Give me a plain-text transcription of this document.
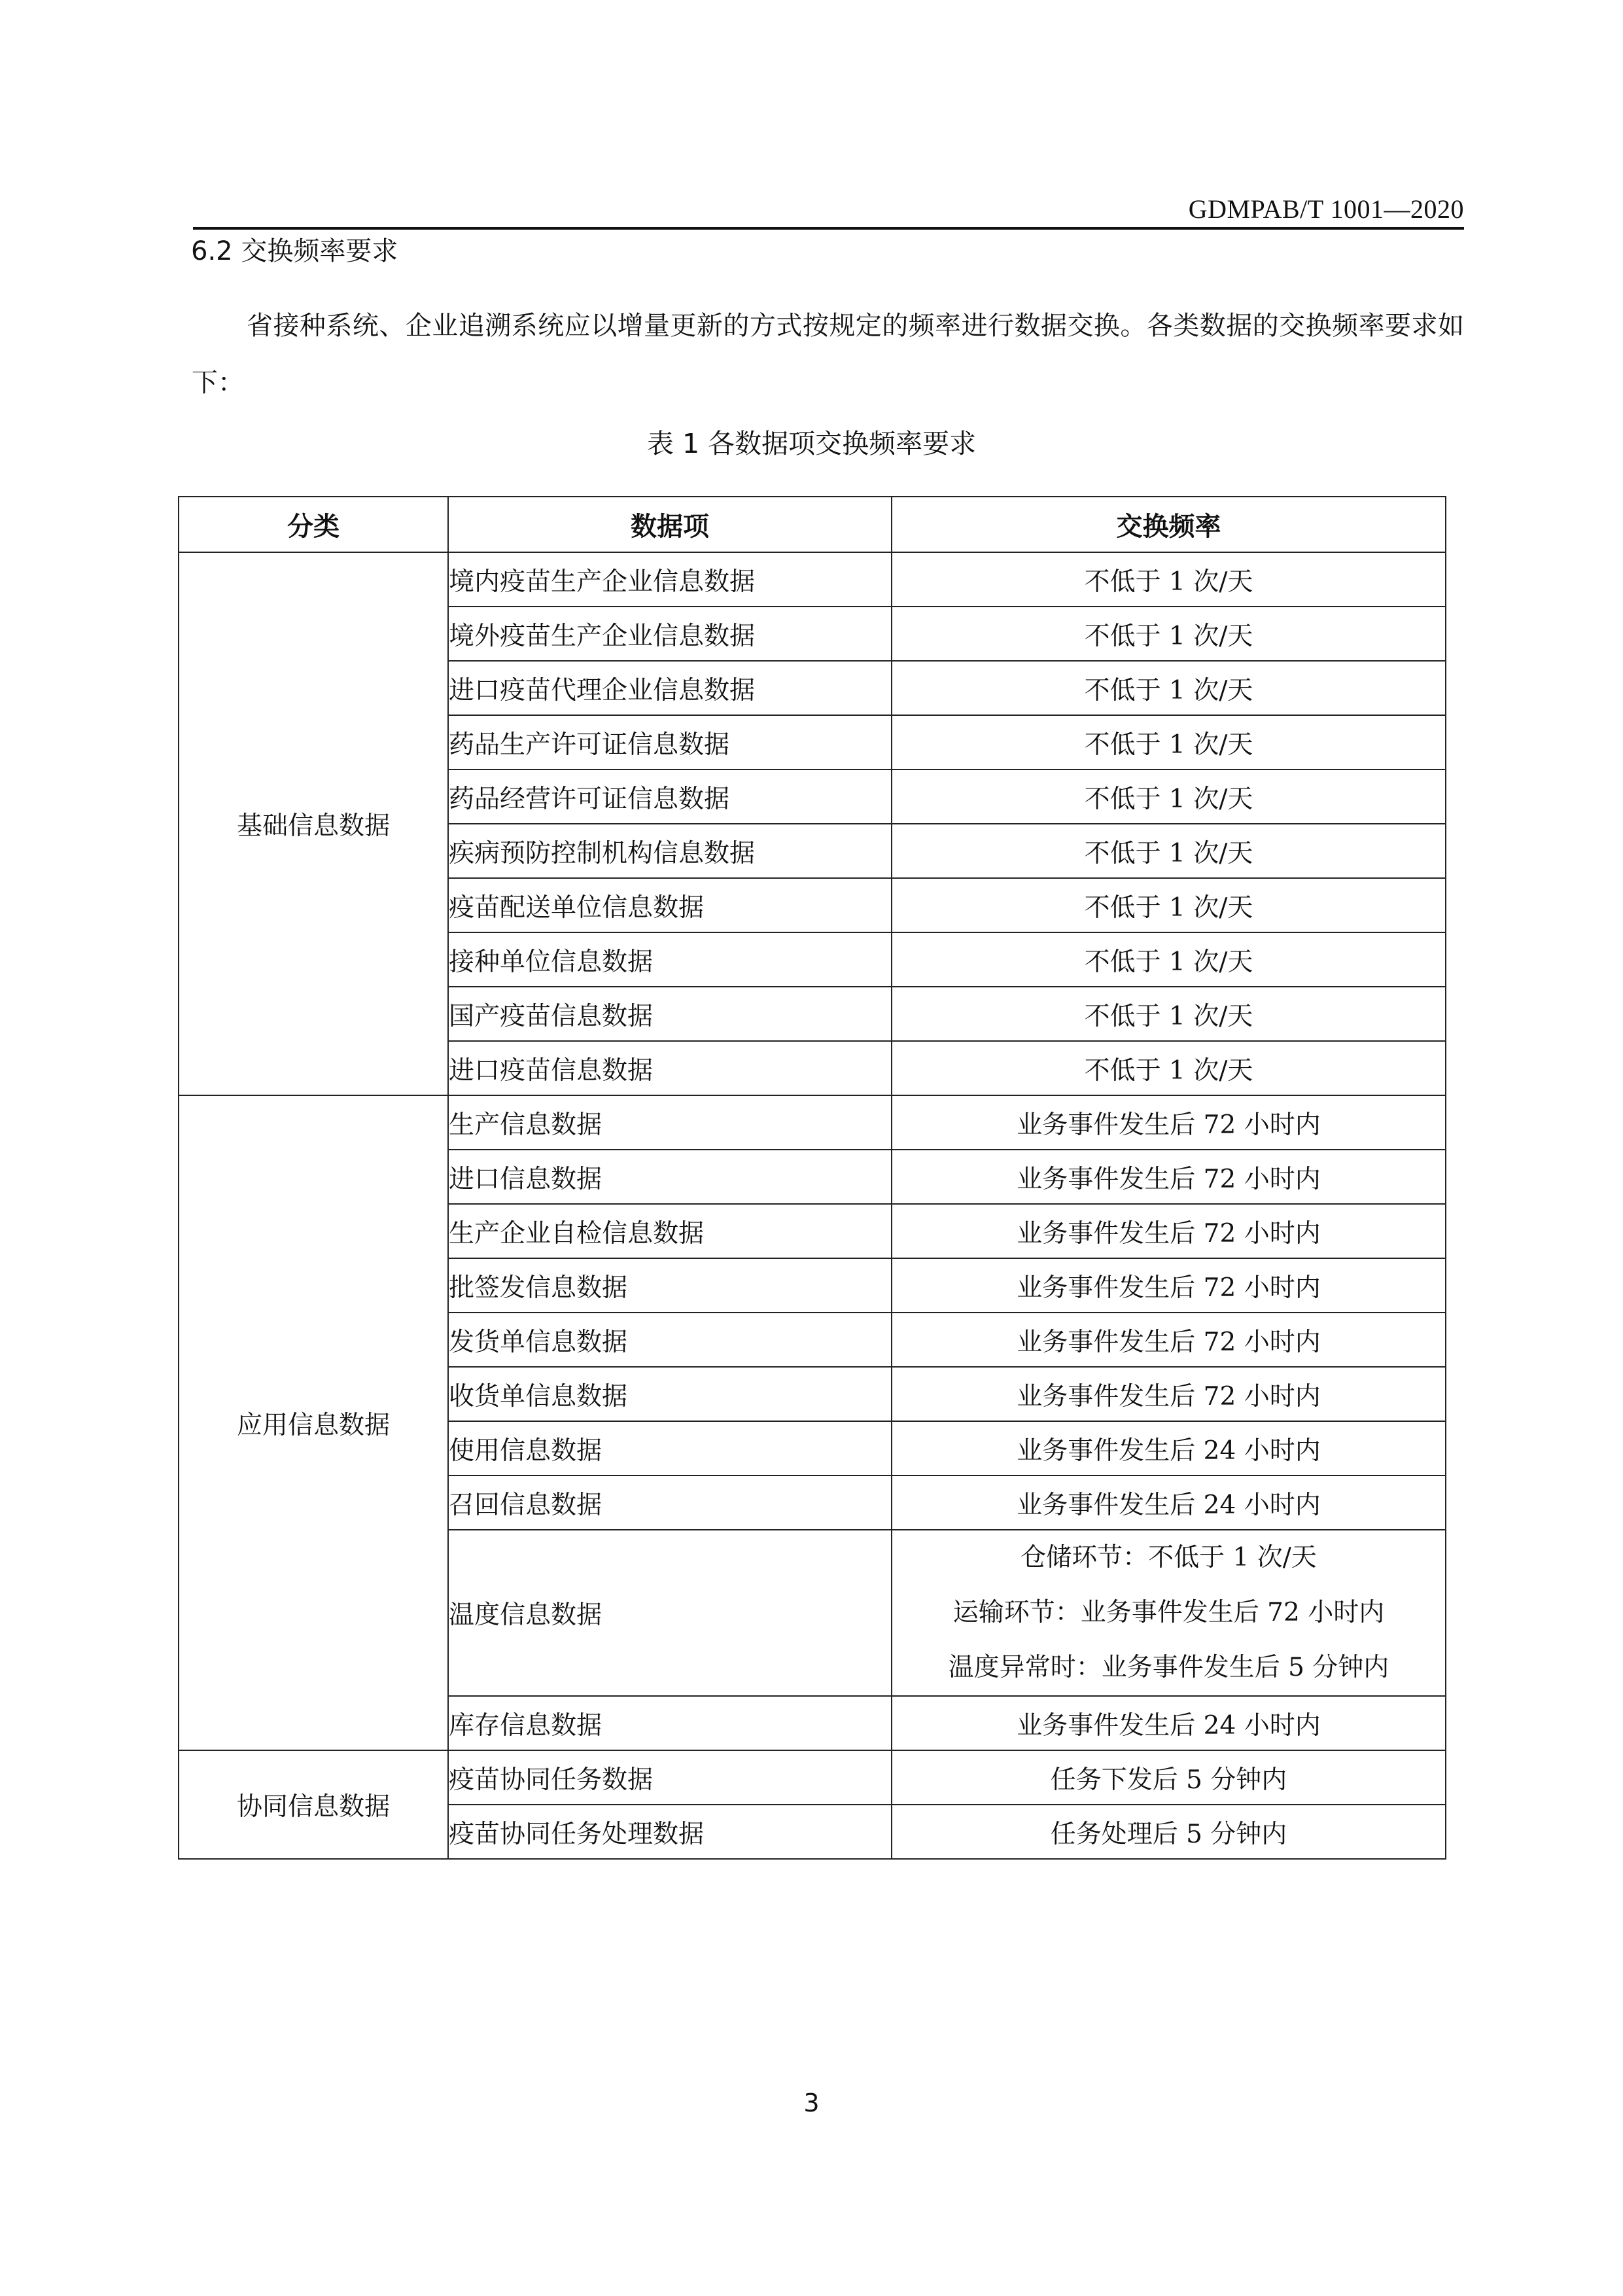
GDMPAB/T 1001—2020
6.2 交换频率要求

省接种系统、企业追溯系统应以增量更新的方式按规定的频率进行数据交换。各类数据的交换频率要求如下：

表 1 各数据项交换频率要求
分类	数据项	交换频率
基础信息数据	境内疫苗生产企业信息数据	不低于 1 次/天
	境外疫苗生产企业信息数据	不低于 1 次/天
	进口疫苗代理企业信息数据	不低于 1 次/天
	药品生产许可证信息数据	不低于 1 次/天
	药品经营许可证信息数据	不低于 1 次/天
	疾病预防控制机构信息数据	不低于 1 次/天
	疫苗配送单位信息数据	不低于 1 次/天
	接种单位信息数据	不低于 1 次/天
	国产疫苗信息数据	不低于 1 次/天
	进口疫苗信息数据	不低于 1 次/天
应用信息数据	生产信息数据	业务事件发生后 72 小时内
	进口信息数据	业务事件发生后 72 小时内
	生产企业自检信息数据	业务事件发生后 72 小时内
	批签发信息数据	业务事件发生后 72 小时内
	发货单信息数据	业务事件发生后 72 小时内
	收货单信息数据	业务事件发生后 72 小时内
	使用信息数据	业务事件发生后 24 小时内
	召回信息数据	业务事件发生后 24 小时内
	温度信息数据	仓储环节：不低于 1 次/天
运输环节：业务事件发生后 72 小时内
温度异常时：业务事件发生后 5 分钟内

	库存信息数据	业务事件发生后 24 小时内
协同信息数据	疫苗协同任务数据	任务下发后 5 分钟内
	疫苗协同任务处理数据	任务处理后 5 分钟内
3
